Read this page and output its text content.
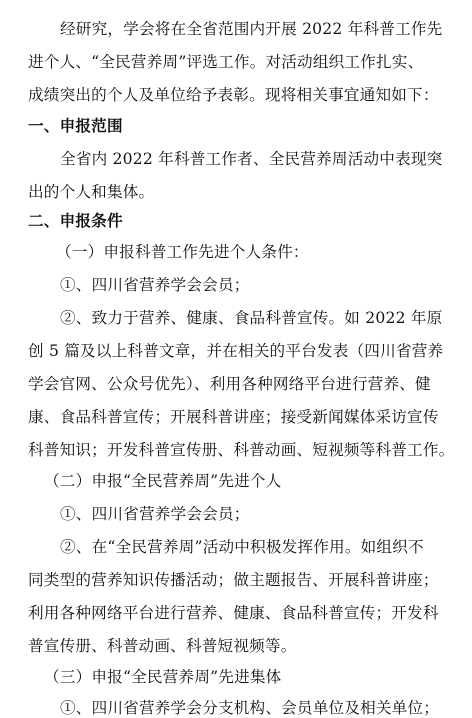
经研究，学会将在全省范围内开展 2022 年科普工作先
进个人、“全民营养周”评选工作。对活动组织工作扎实、
成绩突出的个人及单位给予表彰。现将相关事宜通知如下：
一、申报范围
全省内 2022 年科普工作者、全民营养周活动中表现突
出的个人和集体。
二、申报条件
（一）申报科普工作先进个人条件：
①、四川省营养学会会员；
②、致力于营养、健康、食品科普宣传。如 2022 年原
创 5 篇及以上科普文章，并在相关的平台发表（四川省营养
学会官网、公众号优先）、利用各种网络平台进行营养、健
康、食品科普宣传；开展科普讲座；接受新闻媒体采访宣传
科普知识；开发科普宣传册、科普动画、短视频等科普工作。
（二）申报“全民营养周”先进个人
①、四川省营养学会会员；
②、在“全民营养周”活动中积极发挥作用。如组织不
同类型的营养知识传播活动；做主题报告、开展科普讲座；
利用各种网络平台进行营养、健康、食品科普宣传；开发科
普宣传册、科普动画、科普短视频等。
（三）申报“全民营养周”先进集体
①、四川省营养学会分支机构、会员单位及相关单位；
